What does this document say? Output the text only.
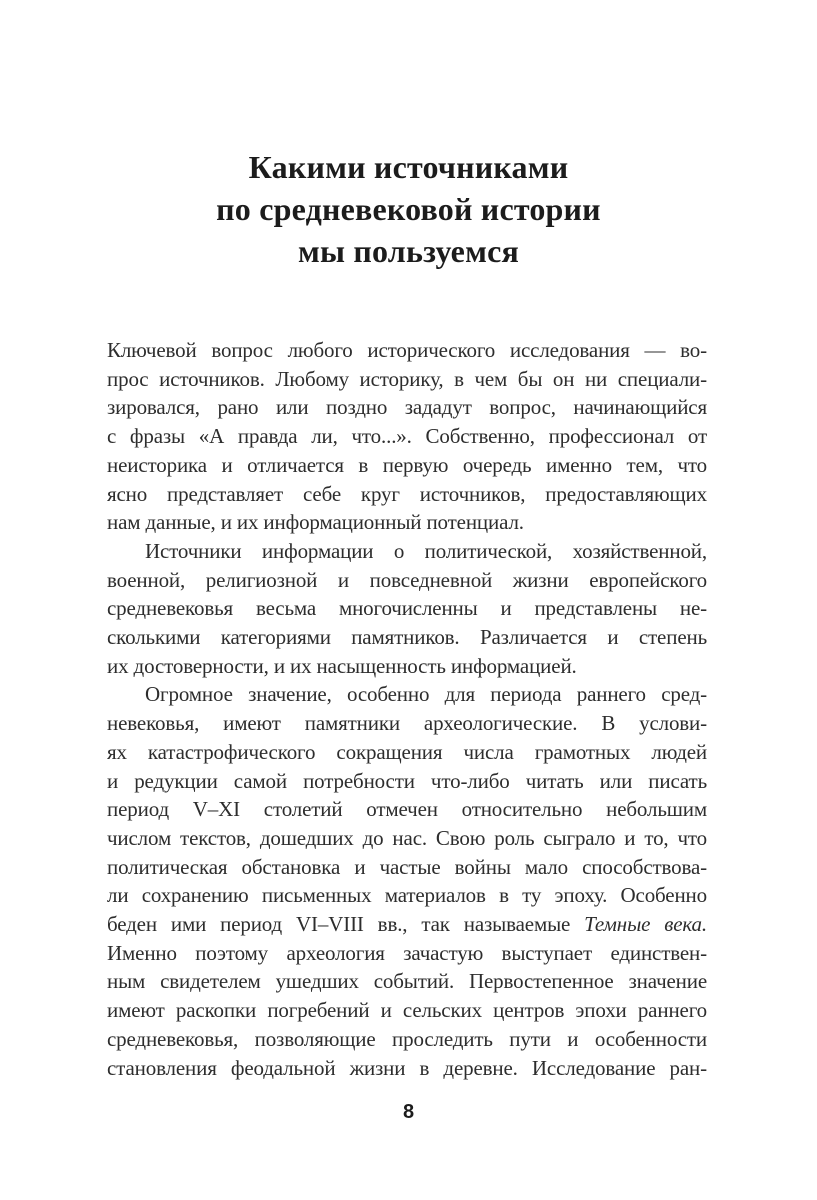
Какими источниками
по средневековой истории
мы пользуемся
Ключевой вопрос любого исторического исследования — во-
прос источников. Любому историку, в чем бы он ни специали-
зировался, рано или поздно зададут вопрос, начинающийся
с фразы «А правда ли, что...». Собственно, профессионал от
неисторика и отличается в первую очередь именно тем, что
ясно представляет себе круг источников, предоставляющих
нам данные, и их информационный потенциал.
Источники информации о политической, хозяйственной,
военной, религиозной и повседневной жизни европейского
средневековья весьма многочисленны и представлены не-
сколькими категориями памятников. Различается и степень
их достоверности, и их насыщенность информацией.
Огромное значение, особенно для периода раннего сред-
невековья, имеют памятники археологические. В услови-
ях катастрофического сокращения числа грамотных людей
и редукции самой потребности что-либо читать или писать
период V–XI столетий отмечен относительно небольшим
числом текстов, дошедших до нас. Свою роль сыграло и то, что
политическая обстановка и частые войны мало способствова-
ли сохранению письменных материалов в ту эпоху. Особенно
беден ими период VI–VIII вв., так называемые Темные века.
Именно поэтому археология зачастую выступает единствен-
ным свидетелем ушедших событий. Первостепенное значение
имеют раскопки погребений и сельских центров эпохи раннего
средневековья, позволяющие проследить пути и особенности
становления феодальной жизни в деревне. Исследование ран-
8
